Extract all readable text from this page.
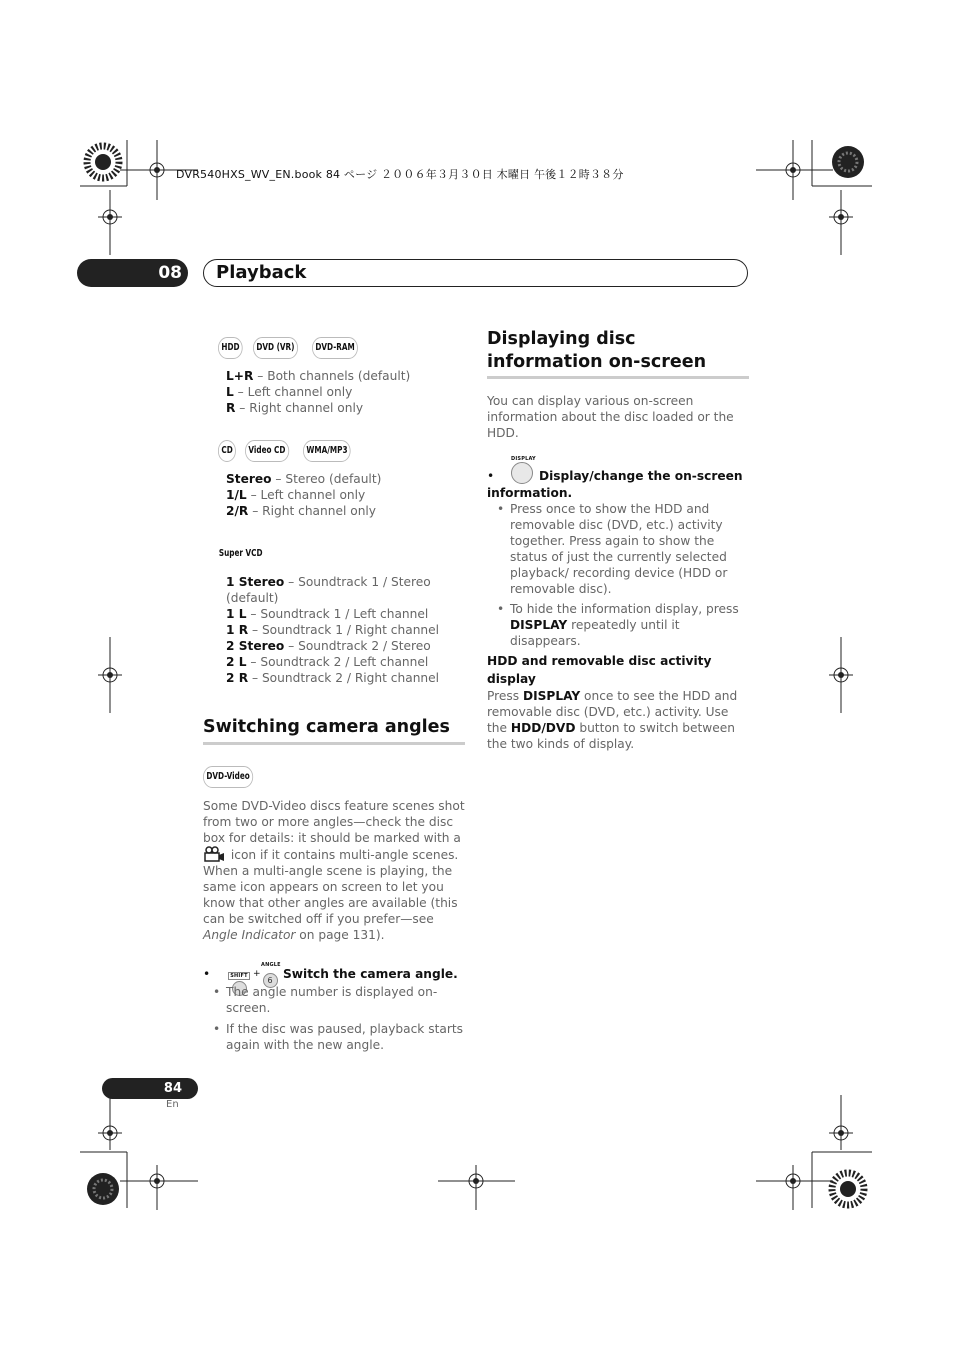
DVR540HXS_WV_EN.book 84 ページ ２００６年３月３０日 木曜日 午後１２時３８分
08 Playback
HDD	DVD (VR)	DVD-RAM
L+R – Both channels (default)
L – Left channel only
R – Right channel only
CD	Video CD	WMA/MP3
Stereo – Stereo (default)
1/L – Left channel only
2/R – Right channel only
Super VCD
1 Stereo – Soundtrack 1 / Stereo (default)
1 L – Soundtrack 1 / Left channel
1 R – Soundtrack 1 / Right channel
2 Stereo – Soundtrack 2 / Stereo
2 L – Soundtrack 2 / Left channel
2 R – Soundtrack 2 / Right channel
Switching camera angles
DVD-Video
Some DVD-Video discs feature scenes shot from two or more angles—check the disc box for details: it should be marked with a
icon if it contains multi-angle scenes. When a multi-angle scene is playing, the same icon appears on screen to let you know that other angles are available (this can be switched off if you prefer—see Angle Indicator on page 131).
•	SHIFT +
ANGLE
6 Switch the camera angle.
• The angle number is displayed on-screen.
• If the disc was paused, playback starts again with the new angle.
Displaying disc information on-screen
You can display various on-screen information about the disc loaded or the HDD.
•
DISPLAY
Display/change the on-screen information.
• Press once to show the HDD and removable disc (DVD, etc.) activity together. Press again to show the status of just the currently selected playback/ recording device (HDD or removable disc).
• To hide the information display, press DISPLAY repeatedly until it disappears.
HDD and removable disc activity display
Press DISPLAY once to see the HDD and removable disc (DVD, etc.) activity. Use the HDD/DVD button to switch between the two kinds of display.
84
En
